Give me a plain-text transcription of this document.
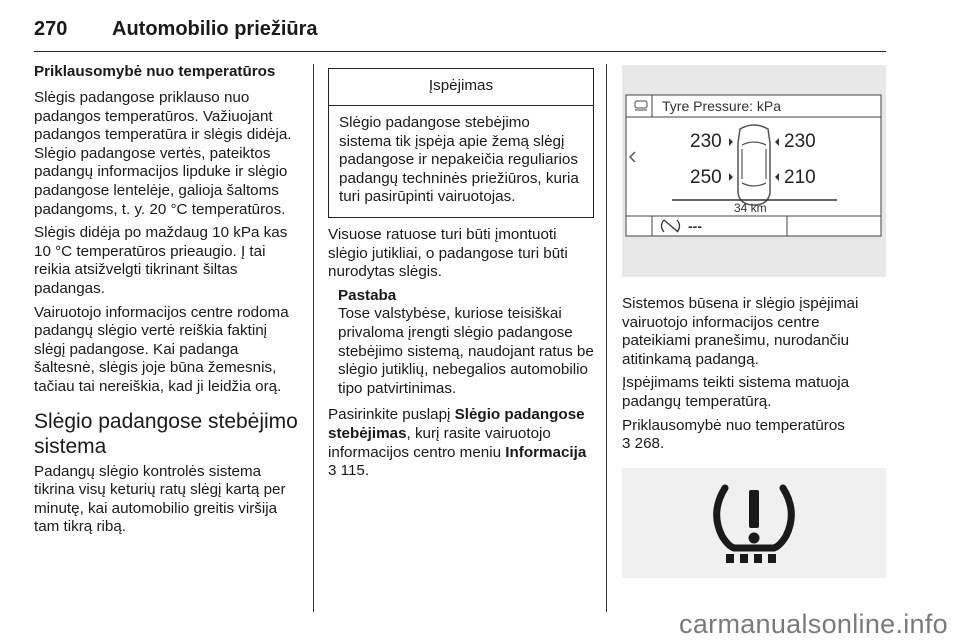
270 Automobilio priežiūra
Priklausomybė nuo temperatūros

Slėgis padangose priklauso nuo padangos temperatūros. Važiuojant padangos temperatūra ir slėgis didėja. Slėgio padangose vertės, pateiktos padangų informacijos lipduke ir slėgio padangose lentelėje, galioja šaltoms padangoms, t. y. 20 °C temperatūros.

Slėgis didėja po maždaug 10 kPa kas 10 °C temperatūros prieaugio. Į tai reikia atsižvelgti tikrinant šiltas padangas.

Vairuotojo informacijos centre rodoma padangų slėgio vertė reiškia faktinį slėgį padangose. Kai padanga šaltesnė, slėgis joje būna žemesnis, tačiau tai nereiškia, kad ji leidžia orą.

Slėgio padangose stebėjimo sistema

Padangų slėgio kontrolės sistema tikrina visų keturių ratų slėgį kartą per minutę, kai automobilio greitis viršija tam tikrą ribą.

Įspėjimas
Slėgio padangose stebėjimo sistema tik įspėja apie žemą slėgį padangose ir nepakeičia reguliarios padangų techninės priežiūros, kuria turi pasirūpinti vairuotojas.

Visuose ratuose turi būti įmontuoti slėgio jutikliai, o padangose turi būti nurodytas slėgis.

Pastaba
Tose valstybėse, kuriose teisiškai privaloma įrengti slėgio padangose stebėjimo sistemą, naudojant ratus be slėgio jutiklių, nebegalios automobilio tipo patvirtinimas.

Pasirinkite puslapį Slėgio padangose stebėjimas, kurį rasite vairuotojo informacijos centro meniu Informacija
3 115.

Tyre Pressure: kPa
230	230
250	210
34 km
---

Sistemos būsena ir slėgio įspėjimai vairuotojo informacijos centre pateikiami pranešimu, nurodančiu atitinkamą padangą.

Įspėjimams teikti sistema matuoja padangų temperatūrą.

Priklausomybė nuo temperatūros
3 268.

carmanualsonline.info
